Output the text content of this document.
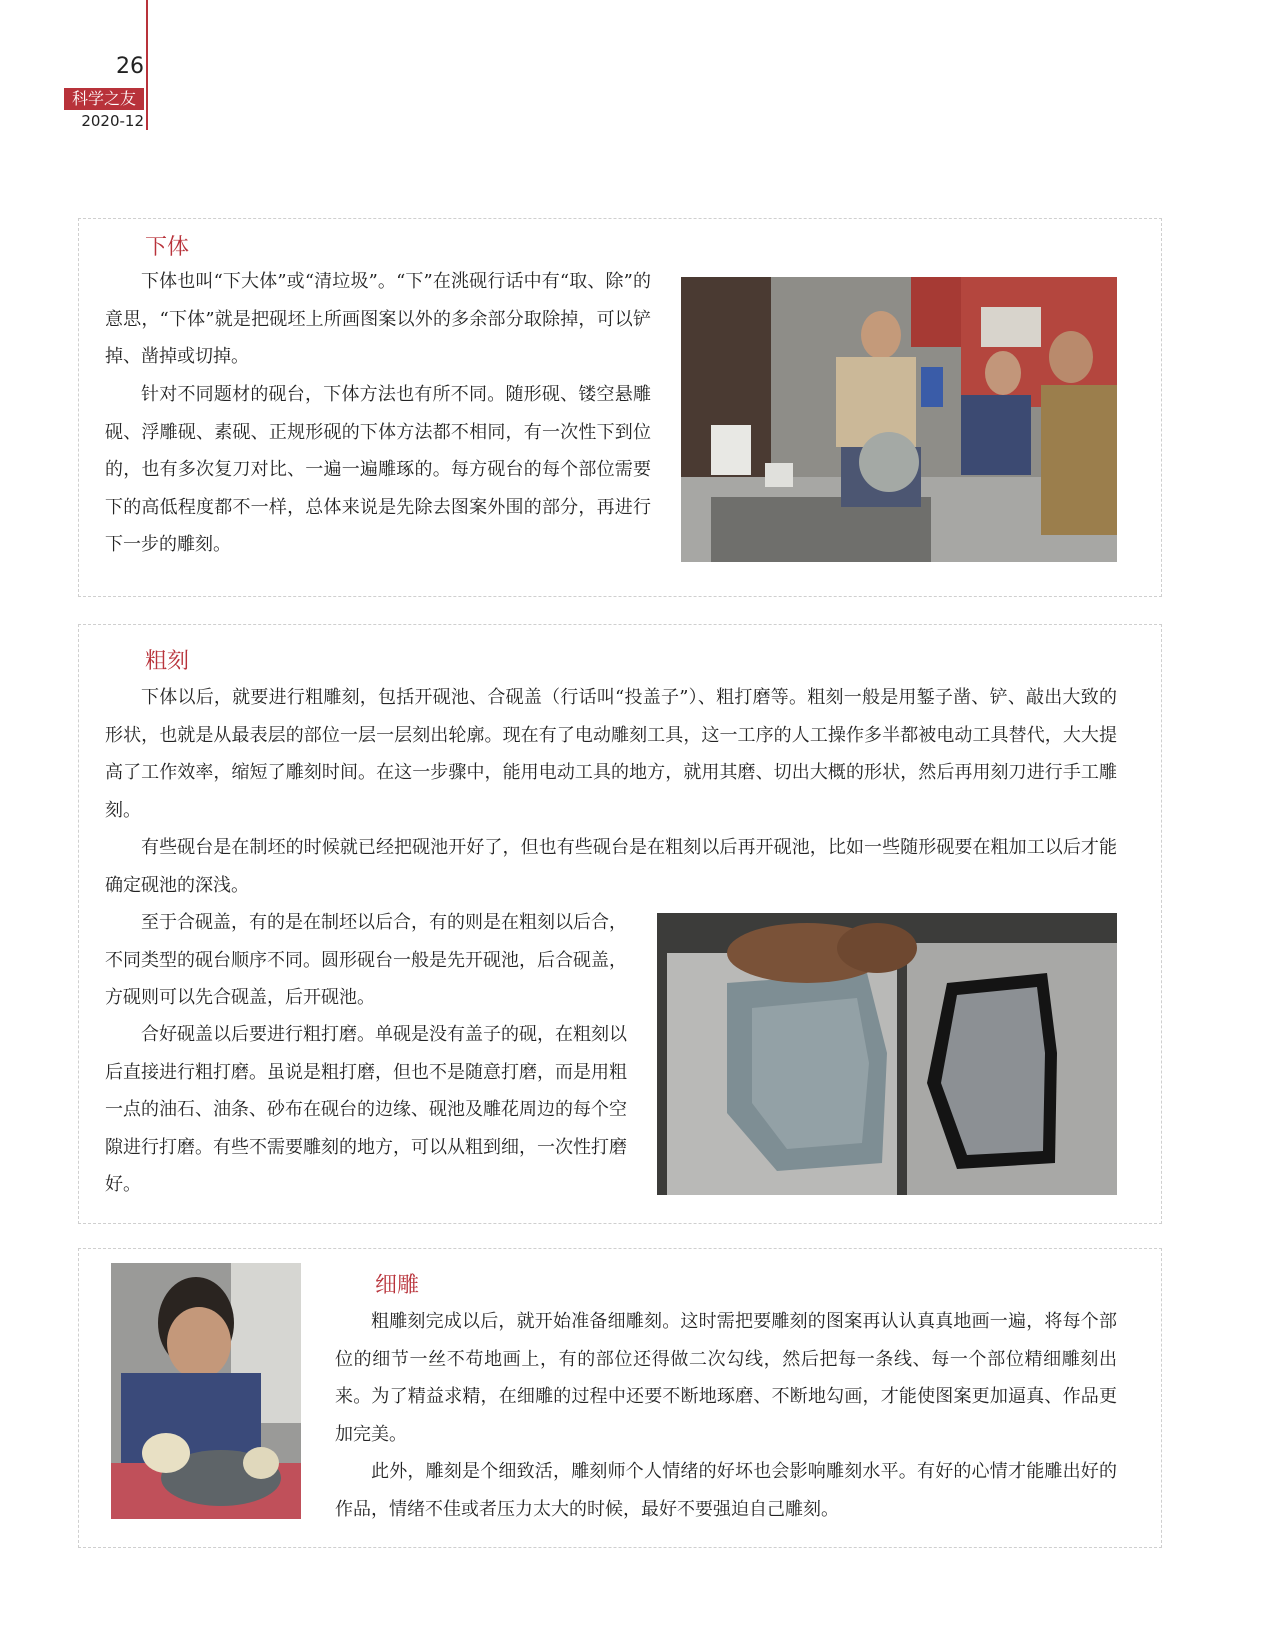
26
科学之友
2020-12
下体

下体也叫“下大体”或“清垃圾”。“下”在洮砚行话中有“取、除”的意思，“下体”就是把砚坯上所画图案以外的多余部分取除掉，可以铲掉、凿掉或切掉。

针对不同题材的砚台，下体方法也有所不同。随形砚、镂空悬雕砚、浮雕砚、素砚、正规形砚的下体方法都不相同，有一次性下到位的，也有多次复刀对比、一遍一遍雕琢的。每方砚台的每个部位需要下的高低程度都不一样，总体来说是先除去图案外围的部分，再进行下一步的雕刻。

粗刻

下体以后，就要进行粗雕刻，包括开砚池、合砚盖（行话叫“投盖子”）、粗打磨等。粗刻一般是用錾子凿、铲、敲出大致的形状，也就是从最表层的部位一层一层刻出轮廓。现在有了电动雕刻工具，这一工序的人工操作多半都被电动工具替代，大大提高了工作效率，缩短了雕刻时间。在这一步骤中，能用电动工具的地方，就用其磨、切出大概的形状，然后再用刻刀进行手工雕刻。

有些砚台是在制坯的时候就已经把砚池开好了，但也有些砚台是在粗刻以后再开砚池，比如一些随形砚要在粗加工以后才能确定砚池的深浅。

至于合砚盖，有的是在制坯以后合，有的则是在粗刻以后合，不同类型的砚台顺序不同。圆形砚台一般是先开砚池，后合砚盖，方砚则可以先合砚盖，后开砚池。

合好砚盖以后要进行粗打磨。单砚是没有盖子的砚，在粗刻以后直接进行粗打磨。虽说是粗打磨，但也不是随意打磨，而是用粗一点的油石、油条、砂布在砚台的边缘、砚池及雕花周边的每个空隙进行打磨。有些不需要雕刻的地方，可以从粗到细，一次性打磨好。

细雕

粗雕刻完成以后，就开始准备细雕刻。这时需把要雕刻的图案再认认真真地画一遍，将每个部位的细节一丝不苟地画上，有的部位还得做二次勾线，然后把每一条线、每一个部位精细雕刻出来。为了精益求精，在细雕的过程中还要不断地琢磨、不断地勾画，才能使图案更加逼真、作品更加完美。

此外，雕刻是个细致活，雕刻师个人情绪的好坏也会影响雕刻水平。有好的心情才能雕出好的作品，情绪不佳或者压力太大的时候，最好不要强迫自己雕刻。
